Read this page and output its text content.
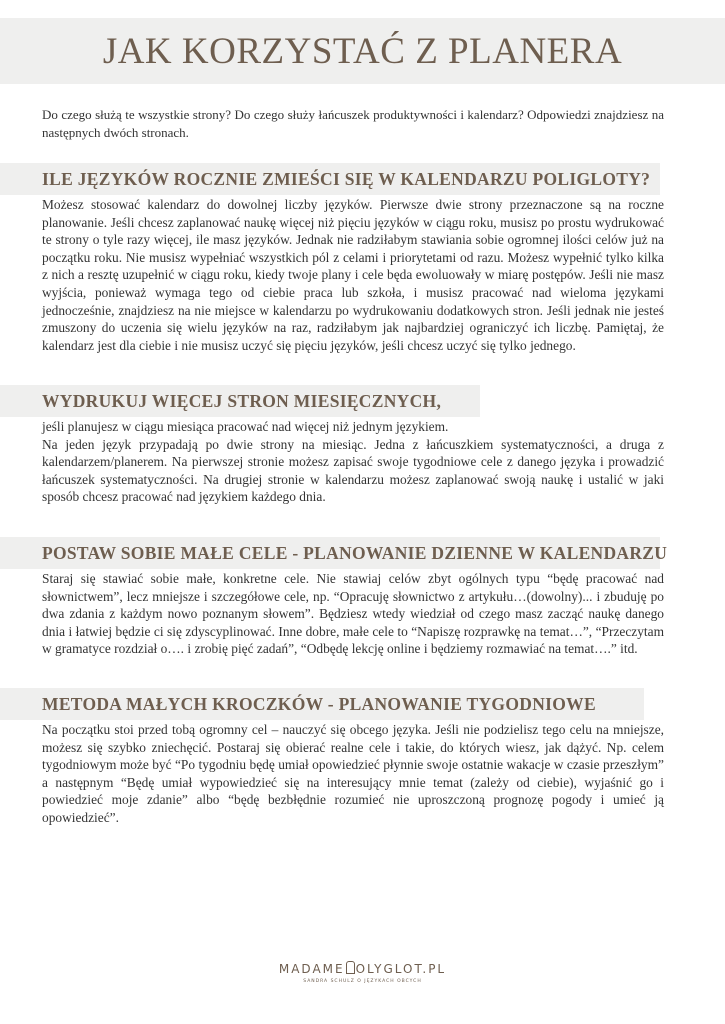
JAK KORZYSTAĆ Z PLANERA

Do czego służą te wszystkie strony? Do czego służy łańcuszek produktywności i kalendarz? Odpowiedzi znajdziesz na następnych dwóch stronach.

ILE JĘZYKÓW ROCZNIE ZMIEŚCI SIĘ W KALENDARZU POLIGLOTY?

Możesz stosować kalendarz do dowolnej liczby języków. Pierwsze dwie strony przeznaczone są na roczne planowanie. Jeśli chcesz zaplanować naukę więcej niż pięciu języków w ciągu roku, musisz po prostu wydrukować te strony o tyle razy więcej, ile masz języków. Jednak nie radziłabym stawiania sobie ogromnej ilości celów już na początku roku. Nie musisz wypełniać wszystkich pól z celami i priorytetami od razu. Możesz wypełnić tylko kilka z nich a resztę uzupełnić w ciągu roku, kiedy twoje plany i cele będa ewoluowały w miarę postępów. Jeśli nie masz wyjścia, ponieważ wymaga tego od ciebie praca lub szkoła, i musisz pracować nad wieloma językami jednocześnie, znajdziesz na nie miejsce w kalendarzu po wydrukowaniu dodatkowych stron. Jeśli jednak nie jesteś zmuszony do uczenia się wielu języków na raz, radziłabym jak najbardziej ograniczyć ich liczbę. Pamiętaj, że kalendarz jest dla ciebie i nie musisz uczyć się pięciu języków, jeśli chcesz uczyć się tylko jednego.

WYDRUKUJ WIĘCEJ STRON MIESIĘCZNYCH,
jeśli planujesz w ciągu miesiąca pracować nad więcej niż jednym językiem.
Na jeden język przypadają po dwie strony na miesiąc. Jedna z łańcuszkiem systematyczności, a druga z kalendarzem/planerem. Na pierwszej stronie możesz zapisać swoje tygodniowe cele z danego języka i prowadzić łańcuszek systematyczności. Na drugiej stronie w kalendarzu możesz zaplanować swoją naukę i ustalić w jaki sposób chcesz pracować nad językiem każdego dnia.
POSTAW SOBIE MAŁE CELE - PLANOWANIE DZIENNE W KALENDARZU

Staraj się stawiać sobie małe, konkretne cele. Nie stawiaj celów zbyt ogólnych typu “będę pracować nad słownictwem”, lecz mniejsze i szczegółowe cele, np. “Opracuję słownictwo z artykułu…(dowolny)... i zbuduję po dwa zdania z każdym nowo poznanym słowem”. Będziesz wtedy wiedział od czego masz zacząć naukę danego dnia i łatwiej będzie ci się zdyscyplinować. Inne dobre, małe cele to “Napiszę rozprawkę na temat…”, “Przeczytam w gramatyce rozdział o…. i zrobię pięć zadań”, “Odbędę lekcję online i będziemy rozmawiać na temat….” itd.

METODA MAŁYCH KROCZKÓW - PLANOWANIE TYGODNIOWE

Na początku stoi przed tobą ogromny cel – nauczyć się obcego języka. Jeśli nie podzielisz tego celu na mniejsze, możesz się szybko zniechęcić. Postaraj się obierać realne cele i takie, do których wiesz, jak dążyć. Np. celem tygodniowym może być “Po tygodniu będę umiał opowiedzieć płynnie swoje ostatnie wakacje w czasie przeszłym” a następnym “Będę umiał wypowiedzieć się na interesujący mnie temat (zależy od ciebie), wyjaśnić go i powiedzieć moje zdanie” albo “będę bezbłędnie rozumieć nie uproszczoną prognozę pogody i umieć ją opowiedzieć”.

MADAME OLYGLOT.PL
SANDRA SCHULZ O JĘZYKACH OBCYCH
